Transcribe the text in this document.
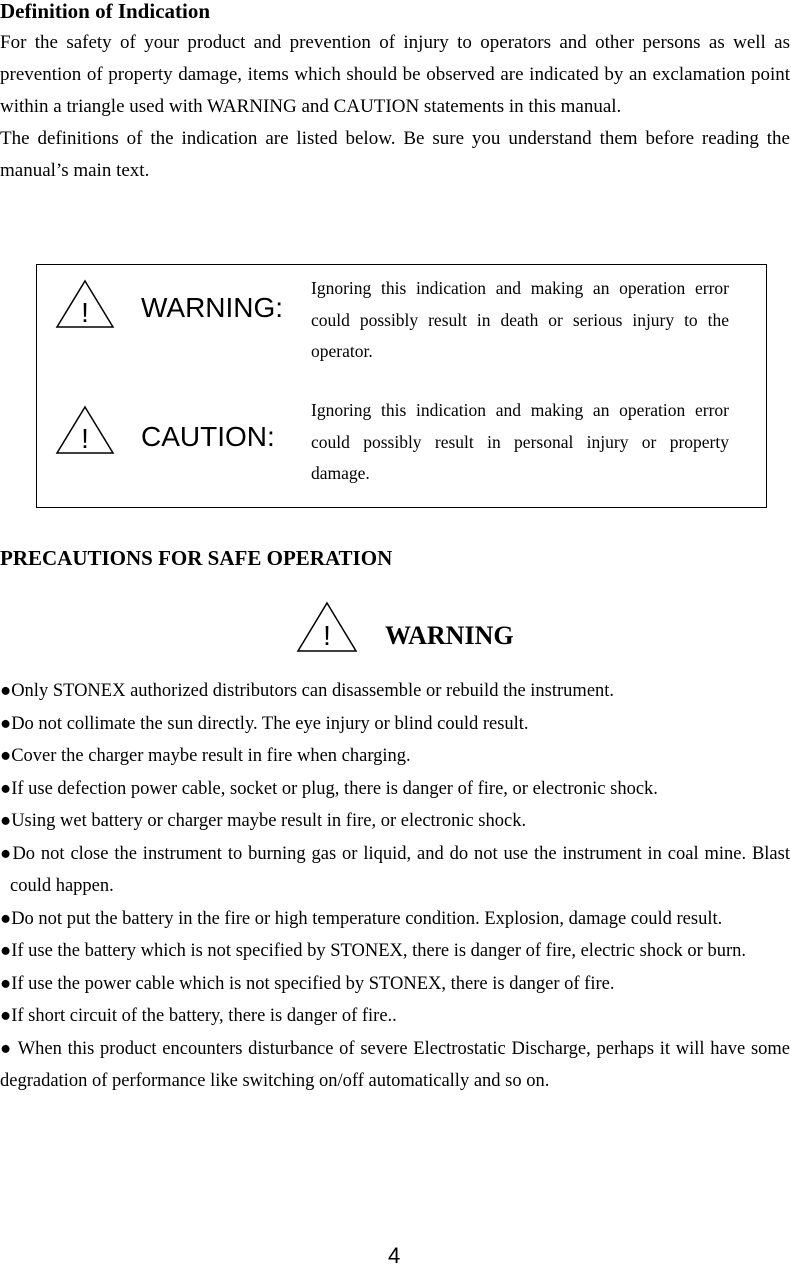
Definition of Indication

For the safety of your product and prevention of injury to operators and other persons as well as prevention of property damage, items which should be observed are indicated by an exclamation point within a triangle used with WARNING and CAUTION statements in this manual.

The definitions of the indication are listed below. Be sure you understand them before reading the manual’s main text.

! WARNING:
Ignoring this indication and making an operation error could possibly result in death or serious injury to the operator.
! CAUTION:
Ignoring this indication and making an operation error could possibly result in personal injury or property damage.
PRECAUTIONS FOR SAFE OPERATION
! WARNING
●Only STONEX authorized distributors can disassemble or rebuild the instrument.
●Do not collimate the sun directly. The eye injury or blind could result.
●Cover the charger maybe result in fire when charging.
●If use defection power cable, socket or plug, there is danger of fire, or electronic shock.
●Using wet battery or charger maybe result in fire, or electronic shock.
●Do not close the instrument to burning gas or liquid, and do not use the instrument in coal mine. Blast could happen.
●Do not put the battery in the fire or high temperature condition. Explosion, damage could result.
●If use the battery which is not specified by STONEX, there is danger of fire, electric shock or burn.
●If use the power cable which is not specified by STONEX, there is danger of fire.
●If short circuit of the battery, there is danger of fire..
● When this product encounters disturbance of severe Electrostatic Discharge, perhaps it will have some degradation of performance like switching on/off automatically and so on.
4
